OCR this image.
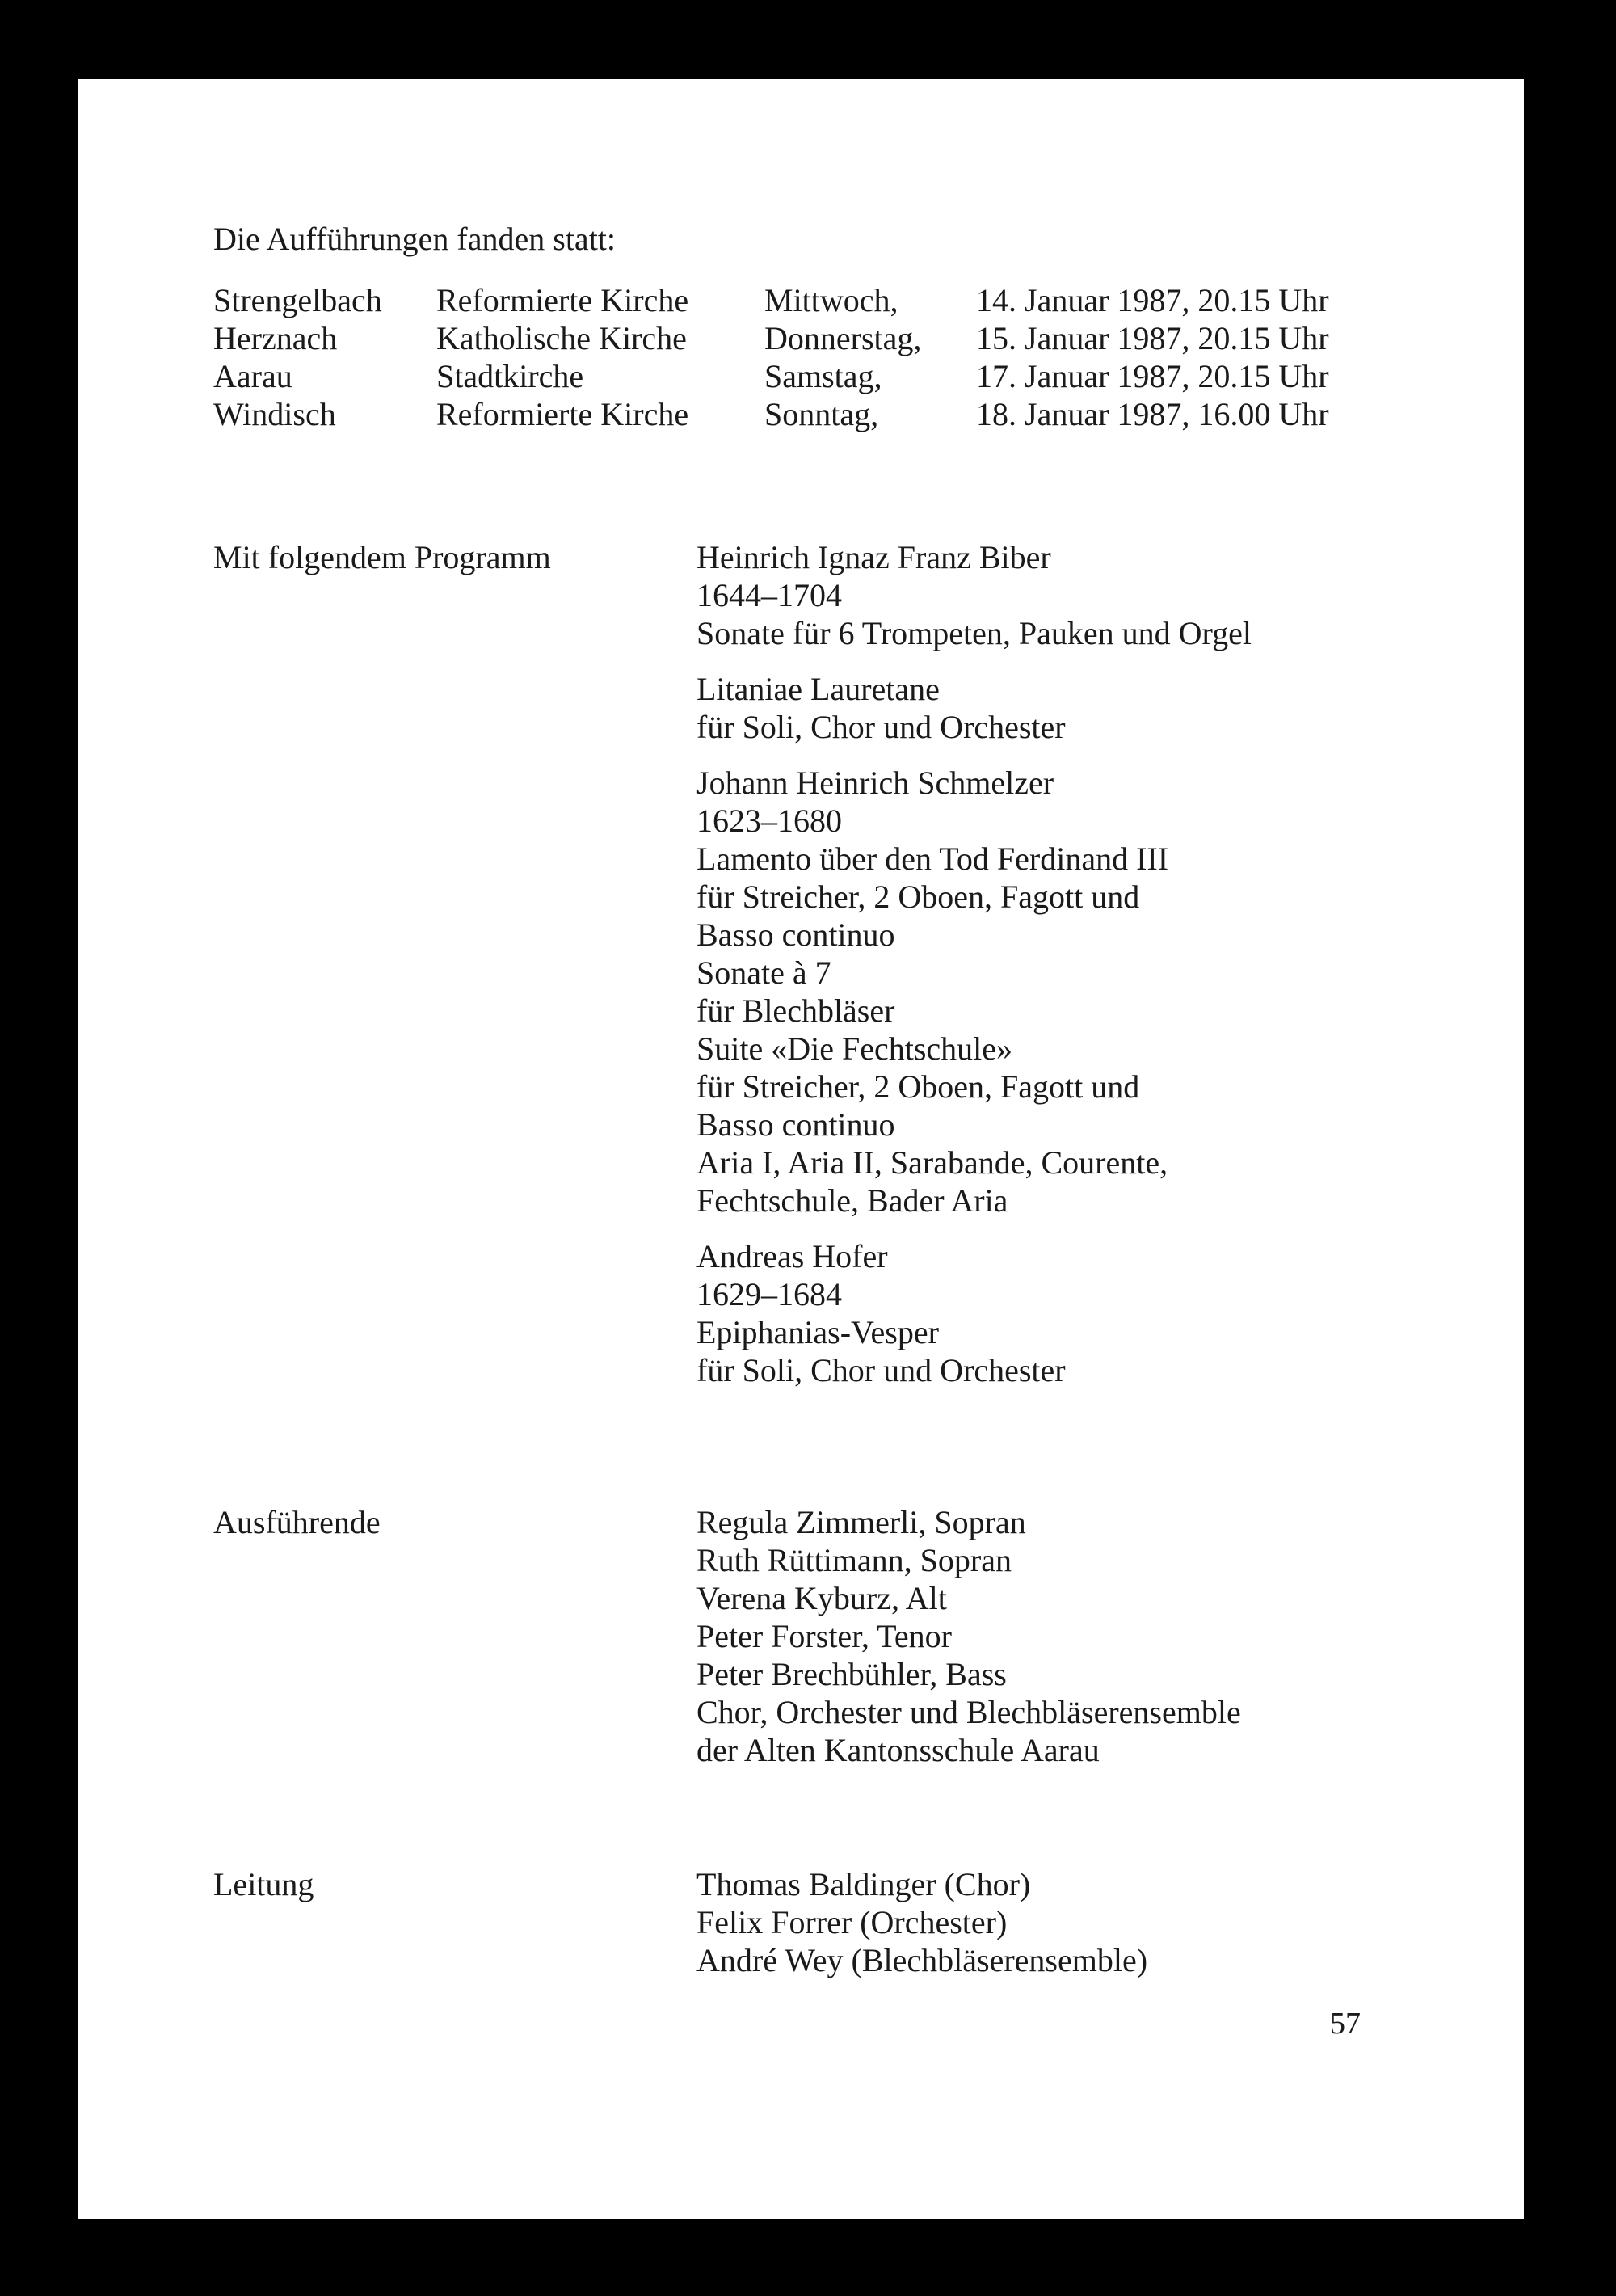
Die Aufführungen fanden statt:
Strengelbach	Reformierte Kirche	Mittwoch,	14. Januar 1987, 20.15 Uhr
Herznach	Katholische Kirche	Donnerstag,	15. Januar 1987, 20.15 Uhr
Aarau	Stadtkirche	Samstag,	17. Januar 1987, 20.15 Uhr
Windisch	Reformierte Kirche	Sonntag,	18. Januar 1987, 16.00 Uhr
Mit folgendem Programm	Heinrich Ignaz Franz Biber
1644–1704
Sonate für 6 Trompeten, Pauken und Orgel
Litaniae Lauretane
für Soli, Chor und Orchester
Johann Heinrich Schmelzer
1623–1680
Lamento über den Tod Ferdinand III
für Streicher, 2 Oboen, Fagott und
Basso continuo
Sonate à 7
für Blechbläser
Suite «Die Fechtschule»
für Streicher, 2 Oboen, Fagott und
Basso continuo
Aria I, Aria II, Sarabande, Courente,
Fechtschule, Bader Aria
Andreas Hofer
1629–1684
Epiphanias-Vesper
für Soli, Chor und Orchester
Ausführende	Regula Zimmerli, Sopran
Ruth Rüttimann, Sopran
Verena Kyburz, Alt
Peter Forster, Tenor
Peter Brechbühler, Bass
Chor, Orchester und Blechbläserensemble
der Alten Kantonsschule Aarau
Leitung	Thomas Baldinger (Chor)
Felix Forrer (Orchester)
André Wey (Blechbläserensemble)
57
